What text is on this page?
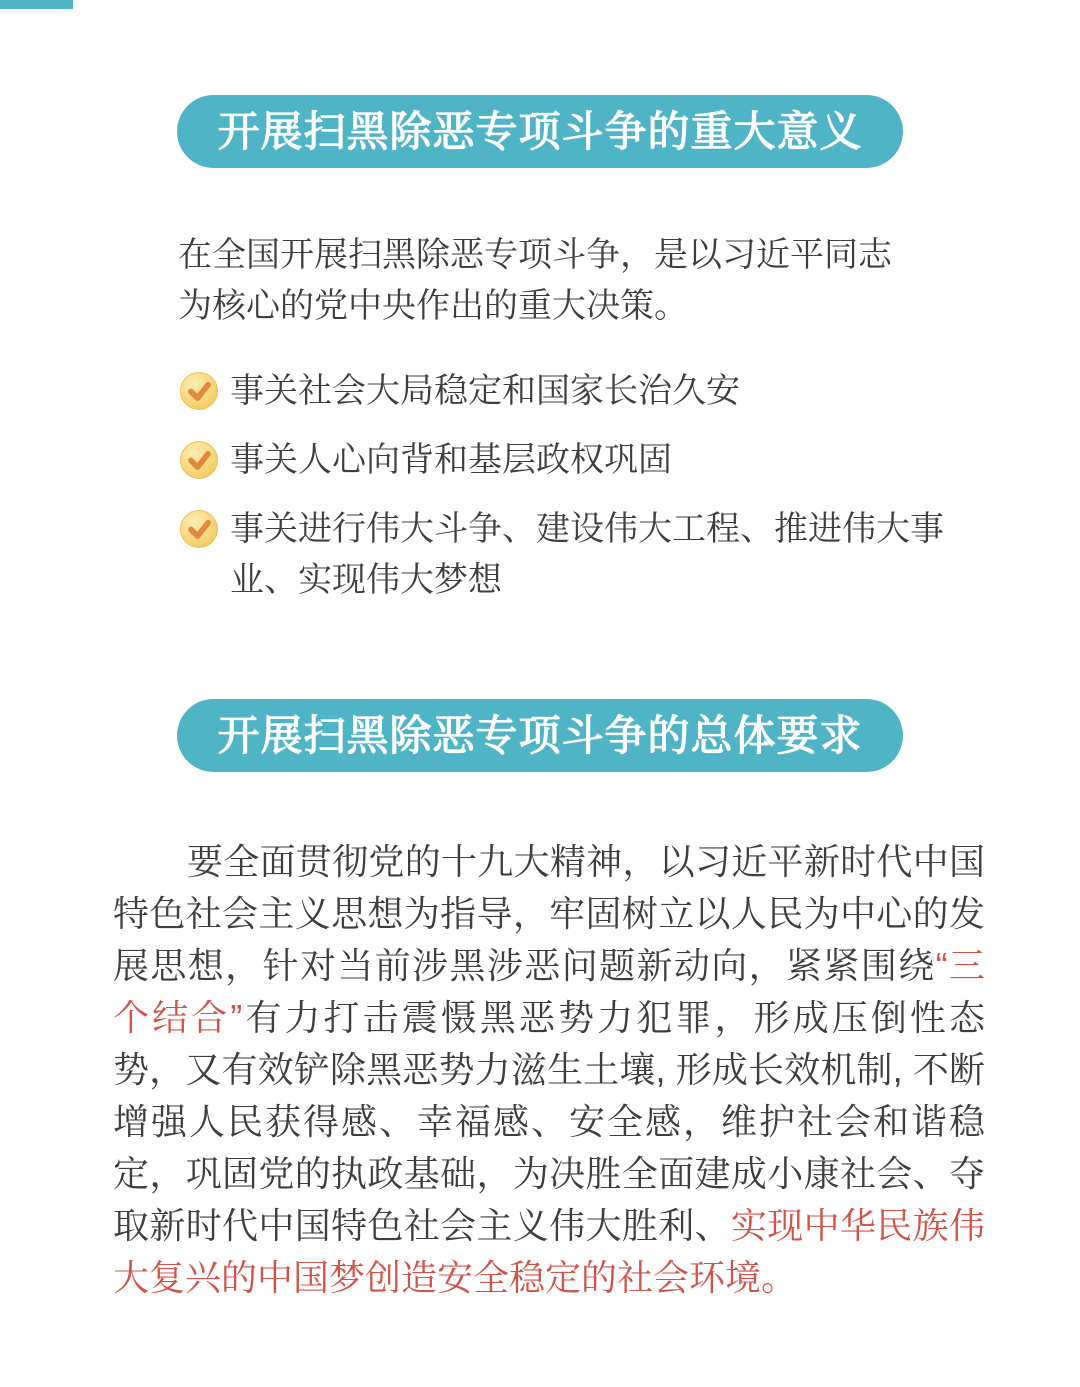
开展扫黑除恶专项斗争的重大意义

在全国开展扫黑除恶专项斗争，是以习近平同志为核心的党中央作出的重大决策。

事关社会大局稳定和国家长治久安
事关人心向背和基层政权巩固
事关进行伟大斗争、建设伟大工程、推进伟大事业、实现伟大梦想
开展扫黑除恶专项斗争的总体要求

要全面贯彻党的十九大精神，以习近平新时代中国特色社会主义思想为指导，牢固树立以人民为中心的发展思想，针对当前涉黑涉恶问题新动向，紧紧围绕“三个结合”有力打击震慑黑恶势力犯罪，形成压倒性态势，又有效铲除黑恶势力滋生土壤, 形成长效机制, 不断增强人民获得感、幸福感、安全感，维护社会和谐稳定，巩固党的执政基础，为决胜全面建成小康社会、夺取新时代中国特色社会主义伟大胜利、实现中华民族伟大复兴的中国梦创造安全稳定的社会环境。
